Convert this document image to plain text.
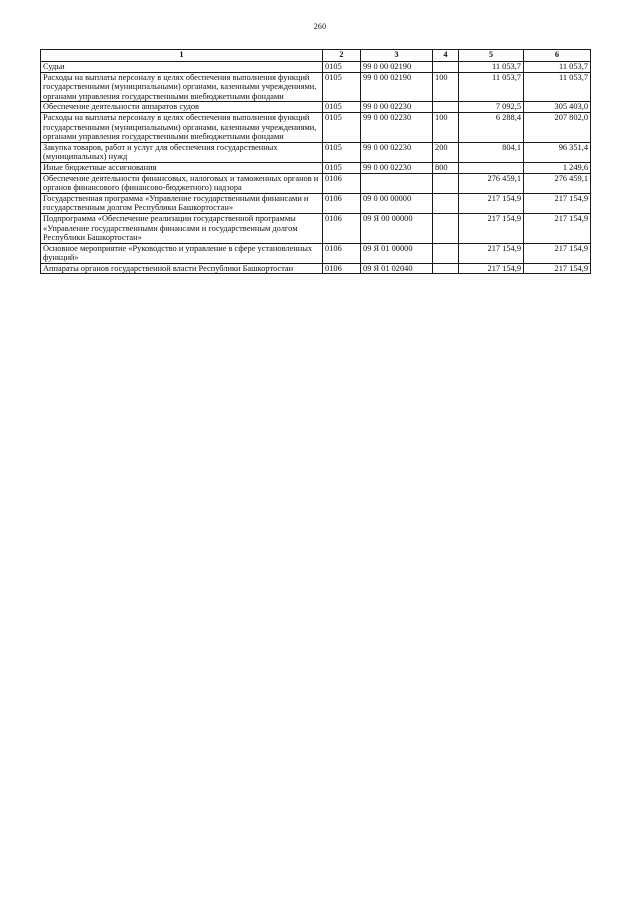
260
1	2	3	4	5	6
Судьи	0105	99 0 00 02190		11 053,7	11 053,7
Расходы на выплаты персоналу в целях обеспечения выполнения функций государственными (муниципальными) органами, казенными учреждениями, органами управления государственными внебюджетными фондами	0105	99 0 00 02190	100	11 053,7	11 053,7
Обеспечение деятельности аппаратов судов	0105	99 0 00 02230		7 092,5	305 403,0
Расходы на выплаты персоналу в целях обеспечения выполнения функций государственными (муниципальными) органами, казенными учреждениями, органами управления государственными внебюджетными фондами	0105	99 0 00 02230	100	6 288,4	207 802,0
Закупка товаров, работ и услуг для обеспечения государственных (муниципальных) нужд	0105	99 0 00 02230	200	804,1	96 351,4
Иные бюджетные ассигнования	0105	99 0 00 02230	800		1 249,6
Обеспечение деятельности финансовых, налоговых и таможенных органов и органов финансового (финансово-бюджетного) надзора	0106			276 459,1	276 459,1
Государственная программа «Управление государственными финансами и государственным долгом Республики Башкортостан»	0106	09 0 00 00000		217 154,9	217 154,9
Подпрограмма «Обеспечение реализации государственной программы «Управление государственными финансами и государственным долгом Республики Башкортостан»	0106	09 Я 00 00000		217 154,9	217 154,9
Основное мероприятие «Руководство и управление в сфере установленных функций»	0106	09 Я 01 00000		217 154,9	217 154,9
Аппараты органов государственной власти Республики Башкортостан	0106	09 Я 01 02040		217 154,9	217 154,9
